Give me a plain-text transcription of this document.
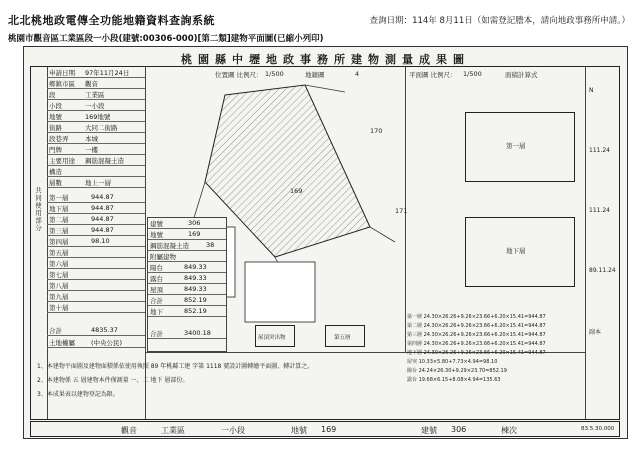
北北桃地政電傳全功能地籍資料查詢系統	查詢日期：114年 8月11日（如需登記謄本，請向地政事務所申請。）
桃園市觀音區工業區段一小段(建號:00306-000)[第二類]建物平面圖(已縮小列印)
桃園縣中壢地政事務所建物測量成果圖
共同使用部分
申請日期 97年11月24日
鄉鎮市區 觀音
段	工業區
小段	一小段
地號	169地號
街路	大同二街路
段巷弄	本城
門牌	一樓
主要用途 鋼筋混凝土造
構造
層數	地上一層
第一層	944.87
地下層	944.87
第二層	944.87
第三層	944.87
第四層	98.10
第五層
第六層
第七層
第八層
第九層
第十層
合計	4835.37
土地權屬 (中央公民)
位置圖 比例尺： 1/500	地籍圖	4
169
170
171
建號	306
地號	169
鋼筋混凝土造	38
附屬建物
陽台	849.33
露台	849.33
屋頂	849.33
合計	852.19
地下	852.19
合計	3400.18
平面圖 比例尺： 1/500	面積計算式
第一層
地下層
N
111.24
111.24
89.11.24
副本
屋頂突出物	第五層
第一層 24.30×26.26+9.26×23.66+6.20×15.41=944.87
第二層 24.30×26.26+9.26×23.66+6.20×15.41=944.87
第三層 24.30×26.26+9.26×23.66+6.20×15.41=944.87
第四層 24.30×26.26+9.26×23.66+6.20×15.41=944.87
地下層 24.30×26.26+9.26×23.66+6.20×15.41=944.87
屋突 10.33×5.80+7.73×4.94=98.10
陽台 24.24×26.30+9.29×23.70=852.19
露台 19.68×6.15+8.08×4.94=135.63
1、本建物平面圖及建物面積係依使用執照 89 年桃縣工建 字第 1118 號設計圖轉繪平面圖、轉計算之。
2、本建物係 五 層建物本件僅測量 一、二 地下 層部份。
3、本成果表以建物登記為限。
觀音	工業區	一小段	地號 169	建號 306	棟次	83.5.30.000
